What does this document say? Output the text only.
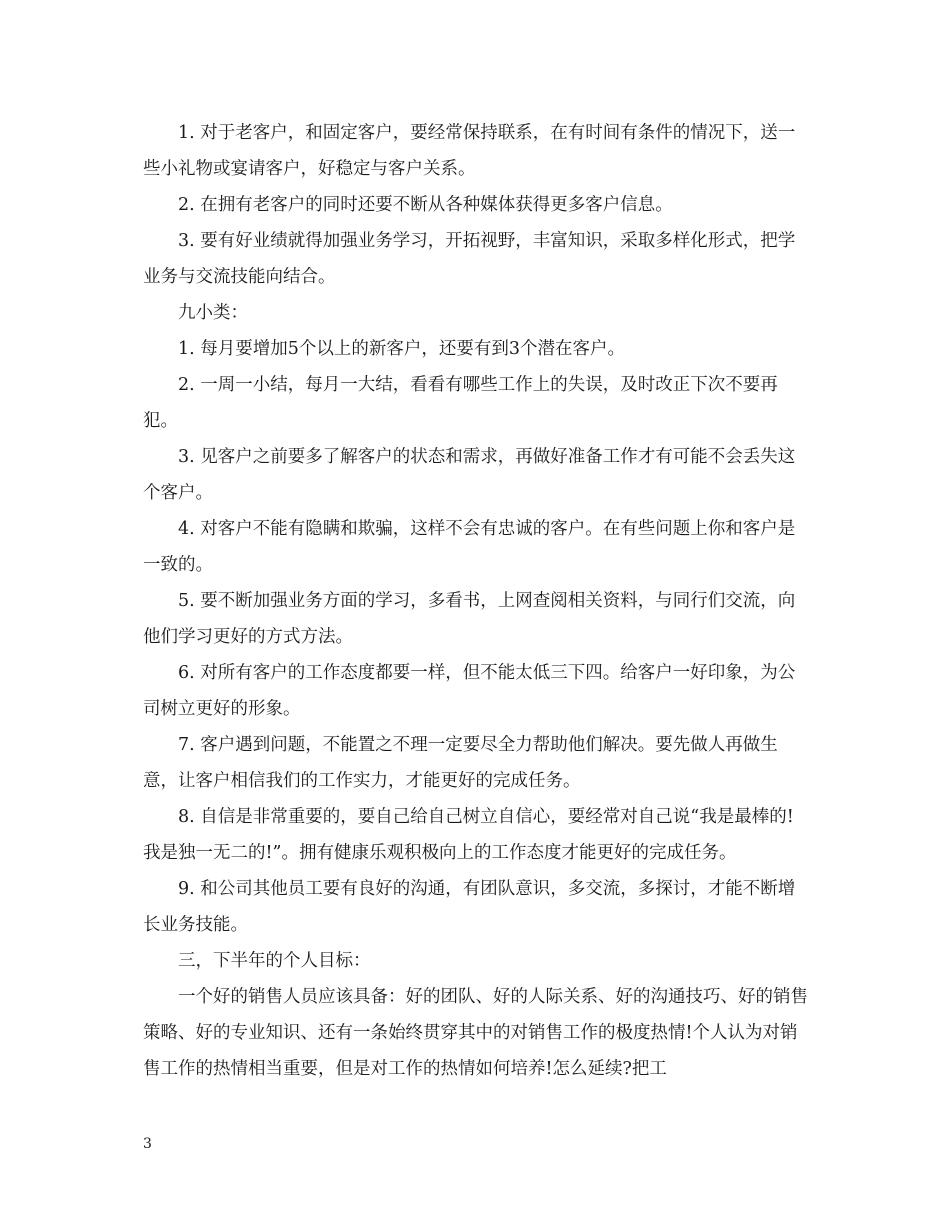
1. 对于老客户，和固定客户，要经常保持联系，在有时间有条件的情况下，送一些小礼物或宴请客户，好稳定与客户关系。

2. 在拥有老客户的同时还要不断从各种媒体获得更多客户信息。

3. 要有好业绩就得加强业务学习，开拓视野，丰富知识，采取多样化形式，把学业务与交流技能向结合。

九小类：

1. 每月要增加5个以上的新客户，还要有到3个潜在客户。

2. 一周一小结，每月一大结，看看有哪些工作上的失误，及时改正下次不要再犯。

3. 见客户之前要多了解客户的状态和需求，再做好准备工作才有可能不会丢失这个客户。

4. 对客户不能有隐瞒和欺骗，这样不会有忠诚的客户。在有些问题上你和客户是一致的。

5. 要不断加强业务方面的学习，多看书，上网查阅相关资料，与同行们交流，向他们学习更好的方式方法。

6. 对所有客户的工作态度都要一样，但不能太低三下四。给客户一好印象，为公司树立更好的形象。

7. 客户遇到问题，不能置之不理一定要尽全力帮助他们解决。要先做人再做生意，让客户相信我们的工作实力，才能更好的完成任务。

8. 自信是非常重要的，要自己给自己树立自信心，要经常对自己说“我是最棒的!我是独一无二的!”。拥有健康乐观积极向上的工作态度才能更好的完成任务。

9. 和公司其他员工要有良好的沟通，有团队意识，多交流，多探讨，才能不断增长业务技能。

三，下半年的个人目标：

一个好的销售人员应该具备：好的团队、好的人际关系、好的沟通技巧、好的销售策略、好的专业知识、还有一条始终贯穿其中的对销售工作的极度热情!个人认为对销售工作的热情相当重要，但是对工作的热情如何培养!怎么延续?把工

3
